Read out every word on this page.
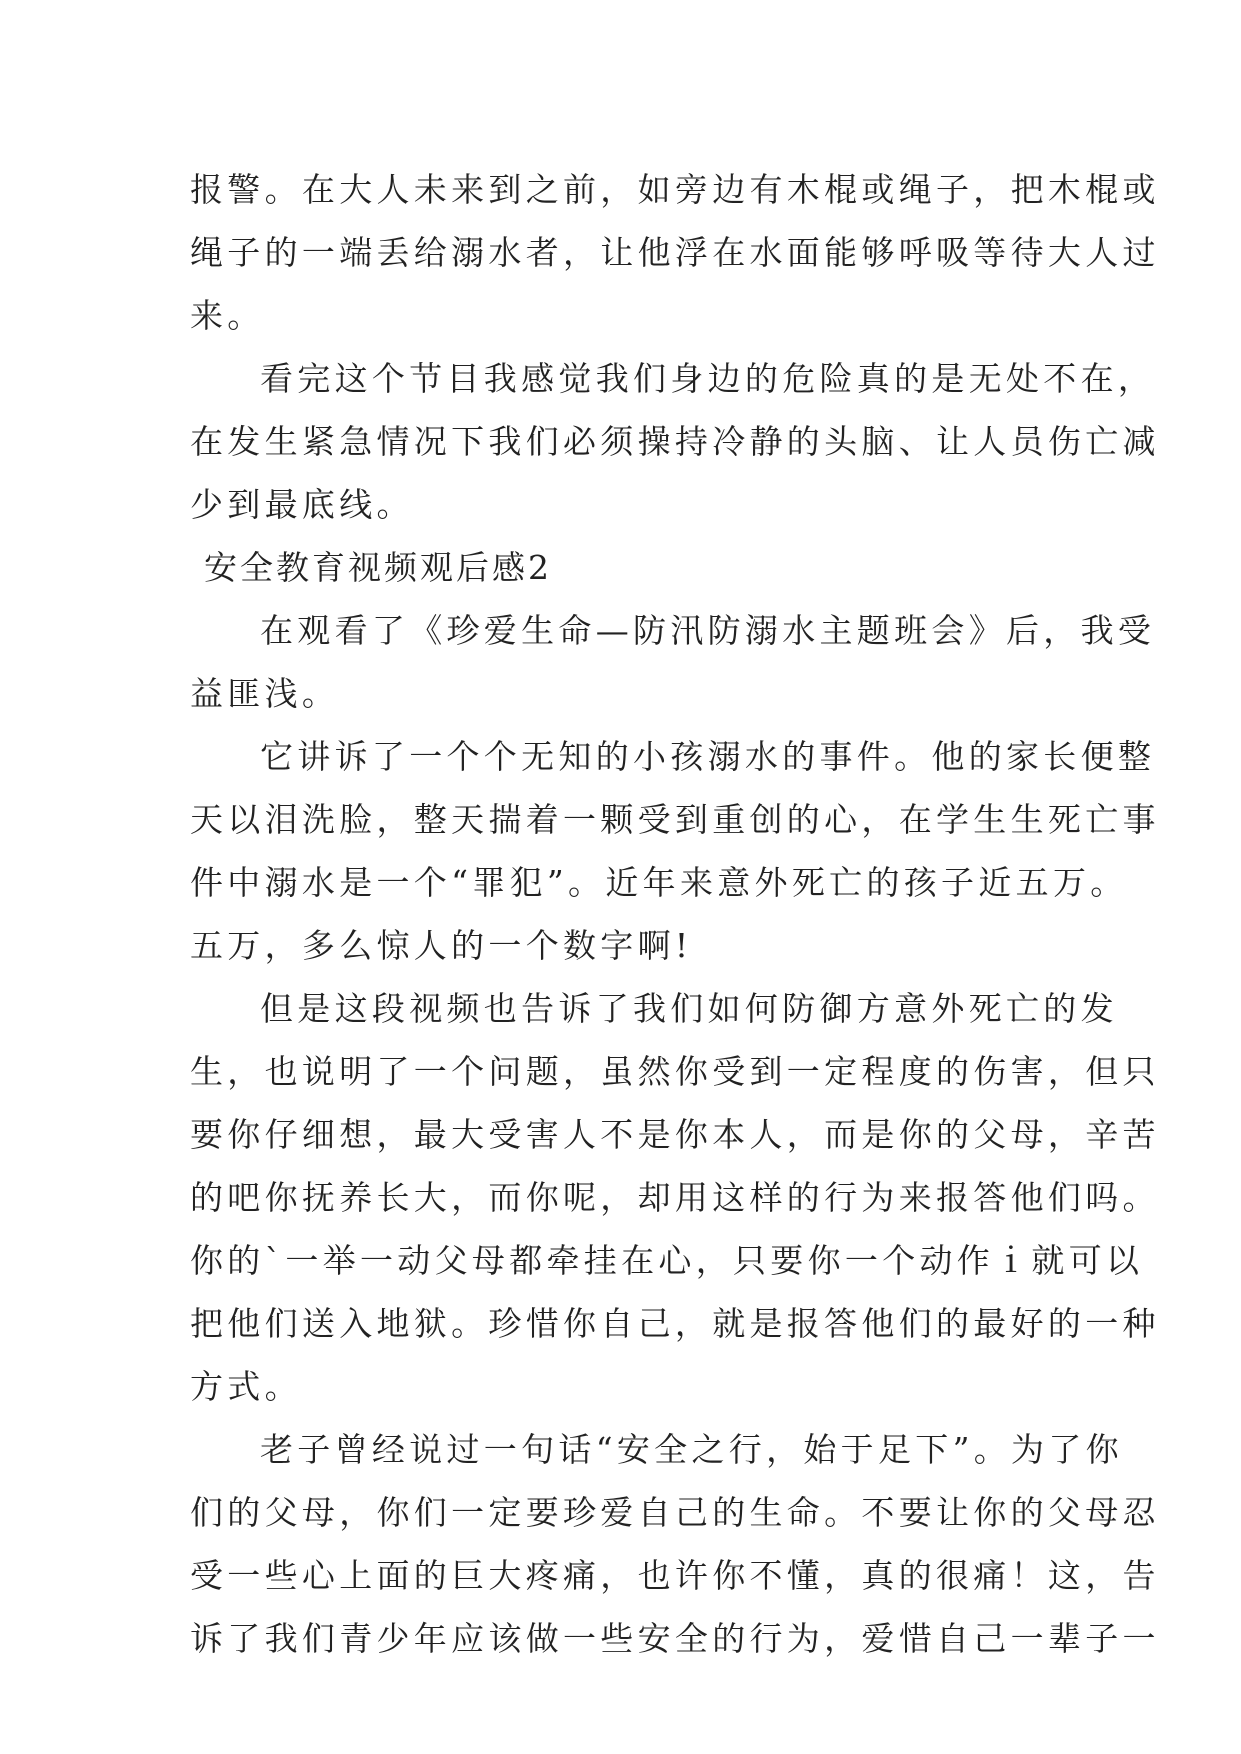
报警。在大人未来到之前，如旁边有木棍或绳子，把木棍或
绳子的一端丢给溺水者，让他浮在水面能够呼吸等待大人过
来。
看完这个节目我感觉我们身边的危险真的是无处不在，
在发生紧急情况下我们必须操持冷静的头脑、让人员伤亡减
少到最底线。
安全教育视频观后感2
在观看了《珍爱生命—防汛防溺水主题班会》后，我受
益匪浅。
它讲诉了一个个无知的小孩溺水的事件。他的家长便整
天以泪洗脸，整天揣着一颗受到重创的心，在学生生死亡事
件中溺水是一个“罪犯”。近年来意外死亡的孩子近五万。
五万，多么惊人的一个数字啊!
但是这段视频也告诉了我们如何防御方意外死亡的发
生，也说明了一个问题，虽然你受到一定程度的伤害，但只
要你仔细想，最大受害人不是你本人，而是你的父母，辛苦
的吧你抚养长大，而你呢，却用这样的行为来报答他们吗。
你的`一举一动父母都牵挂在心，只要你一个动作ｉ就可以
把他们送入地狱。珍惜你自己，就是报答他们的最好的一种
方式。
老子曾经说过一句话“安全之行，始于足下”。为了你
们的父母，你们一定要珍爱自己的生命。不要让你的父母忍
受一些心上面的巨大疼痛，也许你不懂，真的很痛！这，告
诉了我们青少年应该做一些安全的行为，爱惜自己一辈子一
